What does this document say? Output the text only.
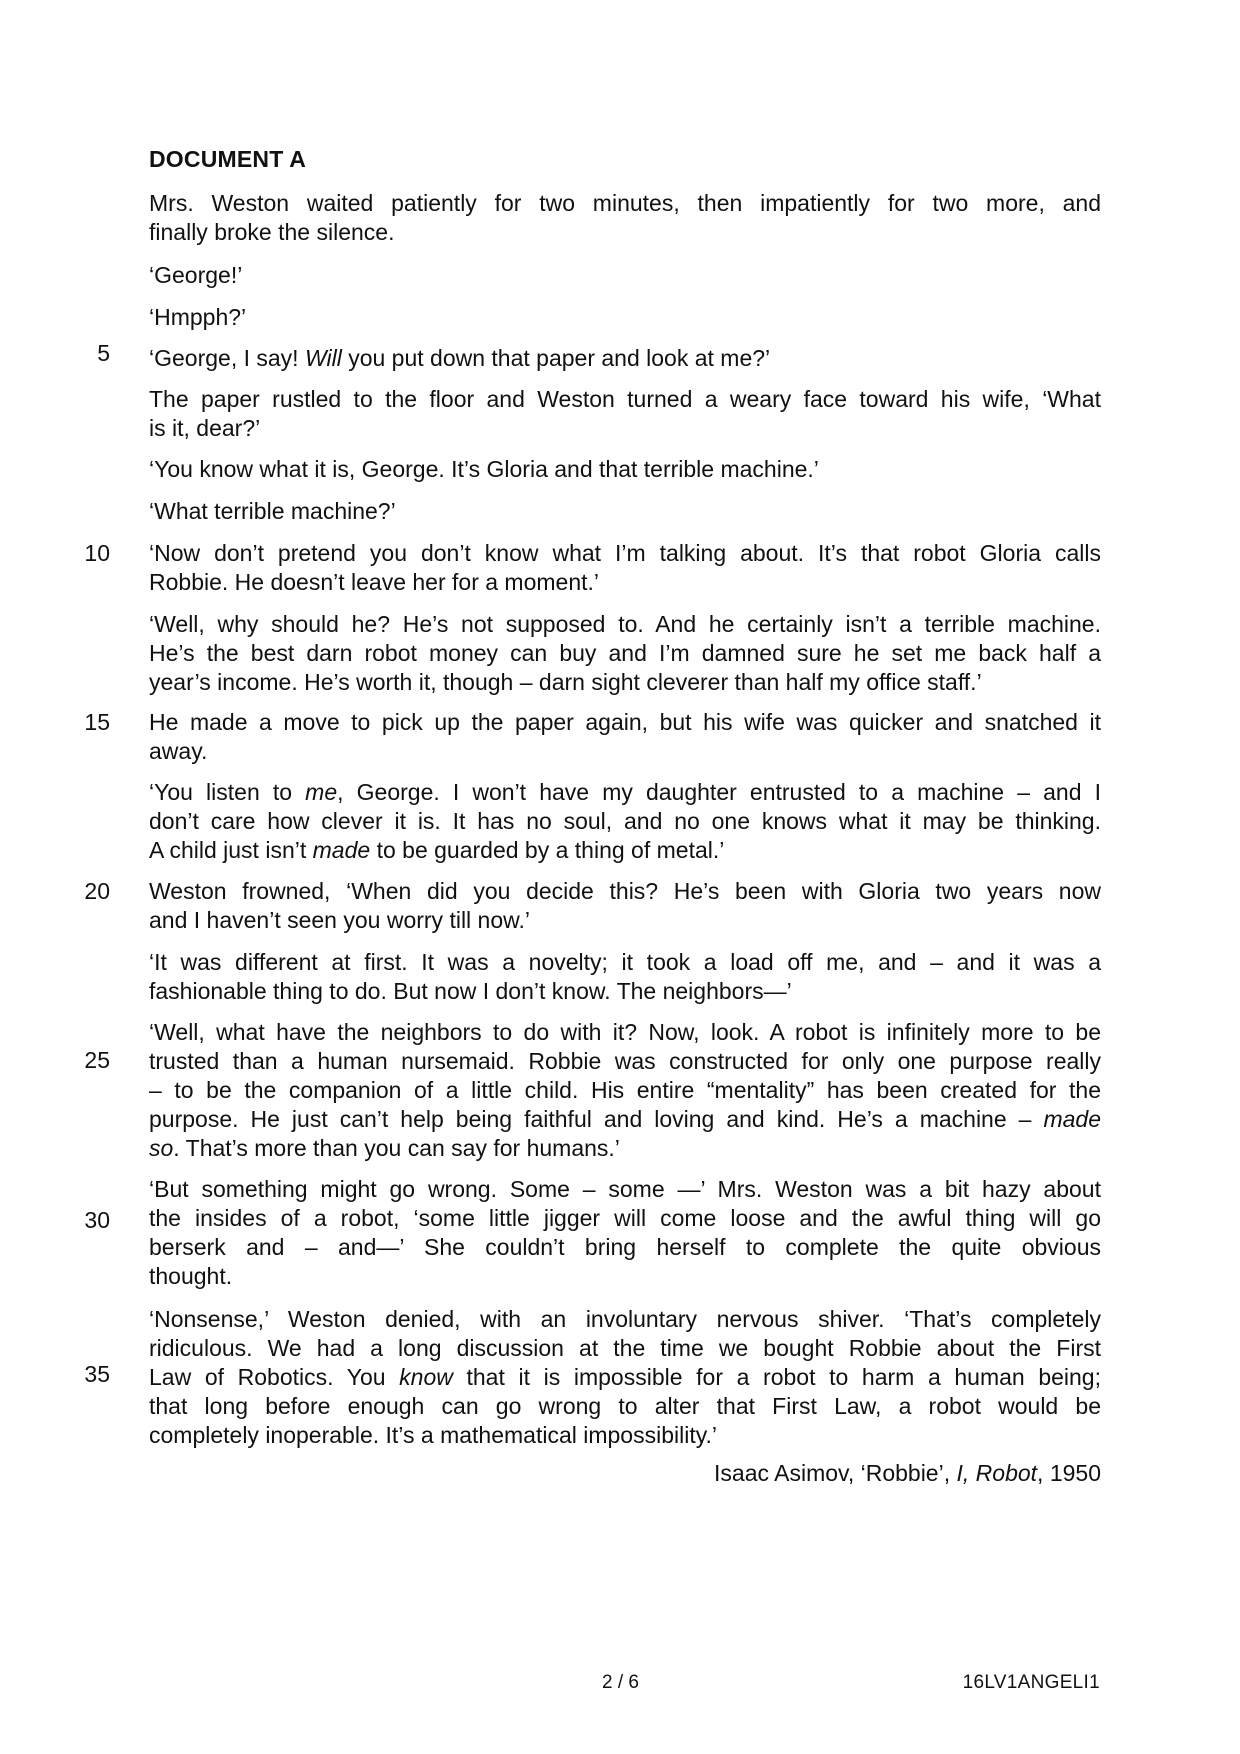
DOCUMENT A
Mrs. Weston waited patiently for two minutes, then impatiently for two more, and
finally broke the silence.
‘George!’
‘Hmpph?’
‘George, I say! Will you put down that paper and look at me?’
The paper rustled to the floor and Weston turned a weary face toward his wife, ‘What
is it, dear?’
‘You know what it is, George. It’s Gloria and that terrible machine.’
‘What terrible machine?’
‘Now don’t pretend you don’t know what I’m talking about. It’s that robot Gloria calls
Robbie. He doesn’t leave her for a moment.’
‘Well, why should he? He’s not supposed to. And he certainly isn’t a terrible machine.
He’s the best darn robot money can buy and I’m damned sure he set me back half a
year’s income. He’s worth it, though – darn sight cleverer than half my office staff.’
He made a move to pick up the paper again, but his wife was quicker and snatched it
away.
‘You listen to me, George. I won’t have my daughter entrusted to a machine – and I
don’t care how clever it is. It has no soul, and no one knows what it may be thinking.
A child just isn’t made to be guarded by a thing of metal.’
Weston frowned, ‘When did you decide this? He’s been with Gloria two years now
and I haven’t seen you worry till now.’
‘It was different at first. It was a novelty; it took a load off me, and – and it was a
fashionable thing to do. But now I don’t know. The neighbors—’
‘Well, what have the neighbors to do with it? Now, look. A robot is infinitely more to be
trusted than a human nursemaid. Robbie was constructed for only one purpose really
– to be the companion of a little child. His entire “mentality” has been created for the
purpose. He just can’t help being faithful and loving and kind. He’s a machine – made
so. That’s more than you can say for humans.’
‘But something might go wrong. Some – some —’ Mrs. Weston was a bit hazy about
the insides of a robot, ‘some little jigger will come loose and the awful thing will go
berserk and – and—’ She couldn’t bring herself to complete the quite obvious
thought.
‘Nonsense,’ Weston denied, with an involuntary nervous shiver. ‘That’s completely
ridiculous. We had a long discussion at the time we bought Robbie about the First
Law of Robotics. You know that it is impossible for a robot to harm a human being;
that long before enough can go wrong to alter that First Law, a robot would be
completely inoperable. It’s a mathematical impossibility.’
5
10
15
20
25
30
35
Isaac Asimov, ‘Robbie’, I, Robot, 1950
2 / 6	16LV1ANGELI1
